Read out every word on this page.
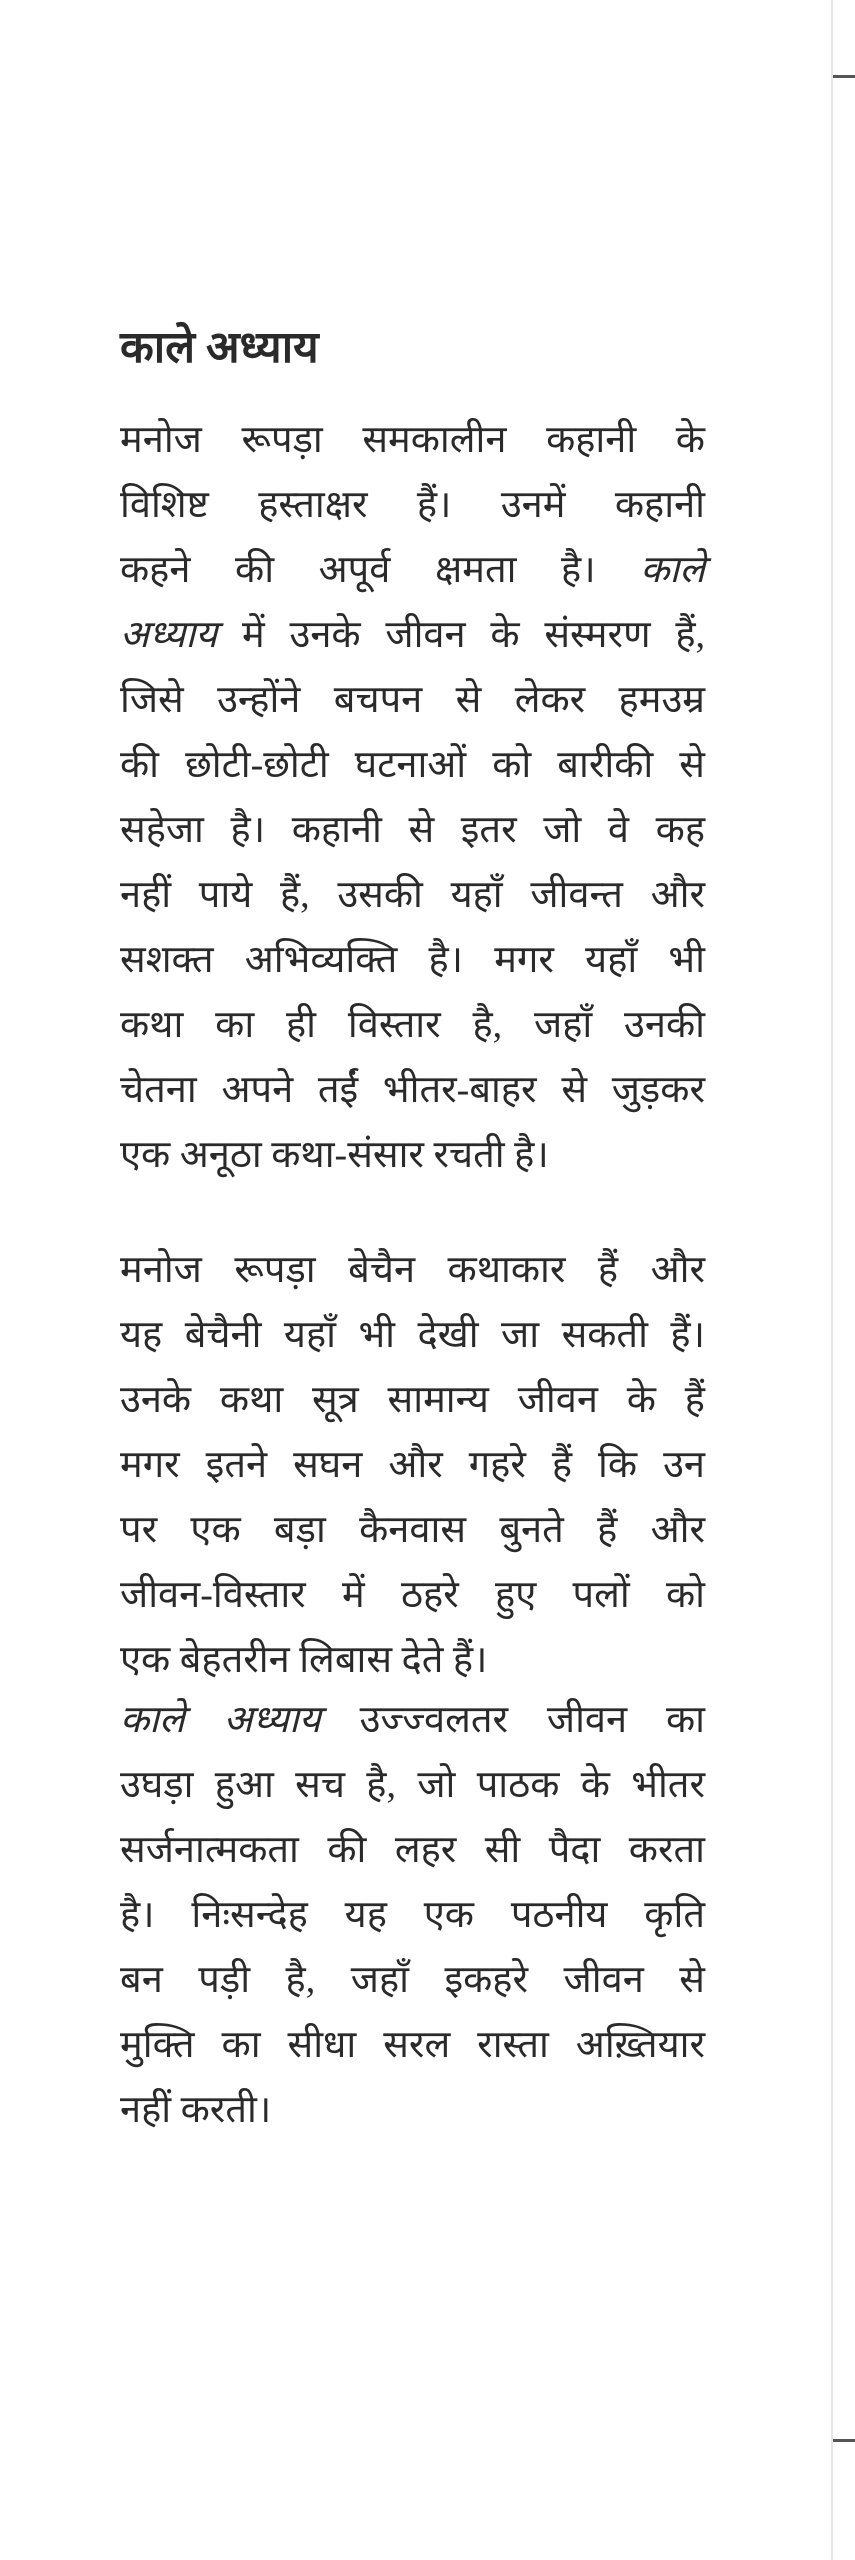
काले अध्याय
मनोज रूपड़ा समकालीन कहानी के
विशिष्ट हस्ताक्षर हैं। उनमें कहानी
कहने की अपूर्व क्षमता है। काले
अध्याय में उनके जीवन के संस्मरण हैं,
जिसे उन्होंने बचपन से लेकर हमउम्र
की छोटी-छोटी घटनाओं को बारीकी से
सहेजा है। कहानी से इतर जो वे कह
नहीं पाये हैं, उसकी यहाँ जीवन्त और
सशक्त अभिव्यक्ति है। मगर यहाँ भी
कथा का ही विस्तार है, जहाँ उनकी
चेतना अपने तईं भीतर-बाहर से जुड़कर
एक अनूठा कथा-संसार रचती है।
मनोज रूपड़ा बेचैन कथाकार हैं और
यह बेचैनी यहाँ भी देखी जा सकती हैं।
उनके कथा सूत्र सामान्य जीवन के हैं
मगर इतने सघन और गहरे हैं कि उन
पर एक बड़ा कैनवास बुनते हैं और
जीवन-विस्तार में ठहरे हुए पलों को
एक बेहतरीन लिबास देते हैं।
काले अध्याय उज्ज्वलतर जीवन का
उघड़ा हुआ सच है, जो पाठक के भीतर
सर्जनात्मकता की लहर सी पैदा करता
है। निःसन्देह यह एक पठनीय कृति
बन पड़ी है, जहाँ इकहरे जीवन से
मुक्ति का सीधा सरल रास्ता अख़्तियार
नहीं करती।
